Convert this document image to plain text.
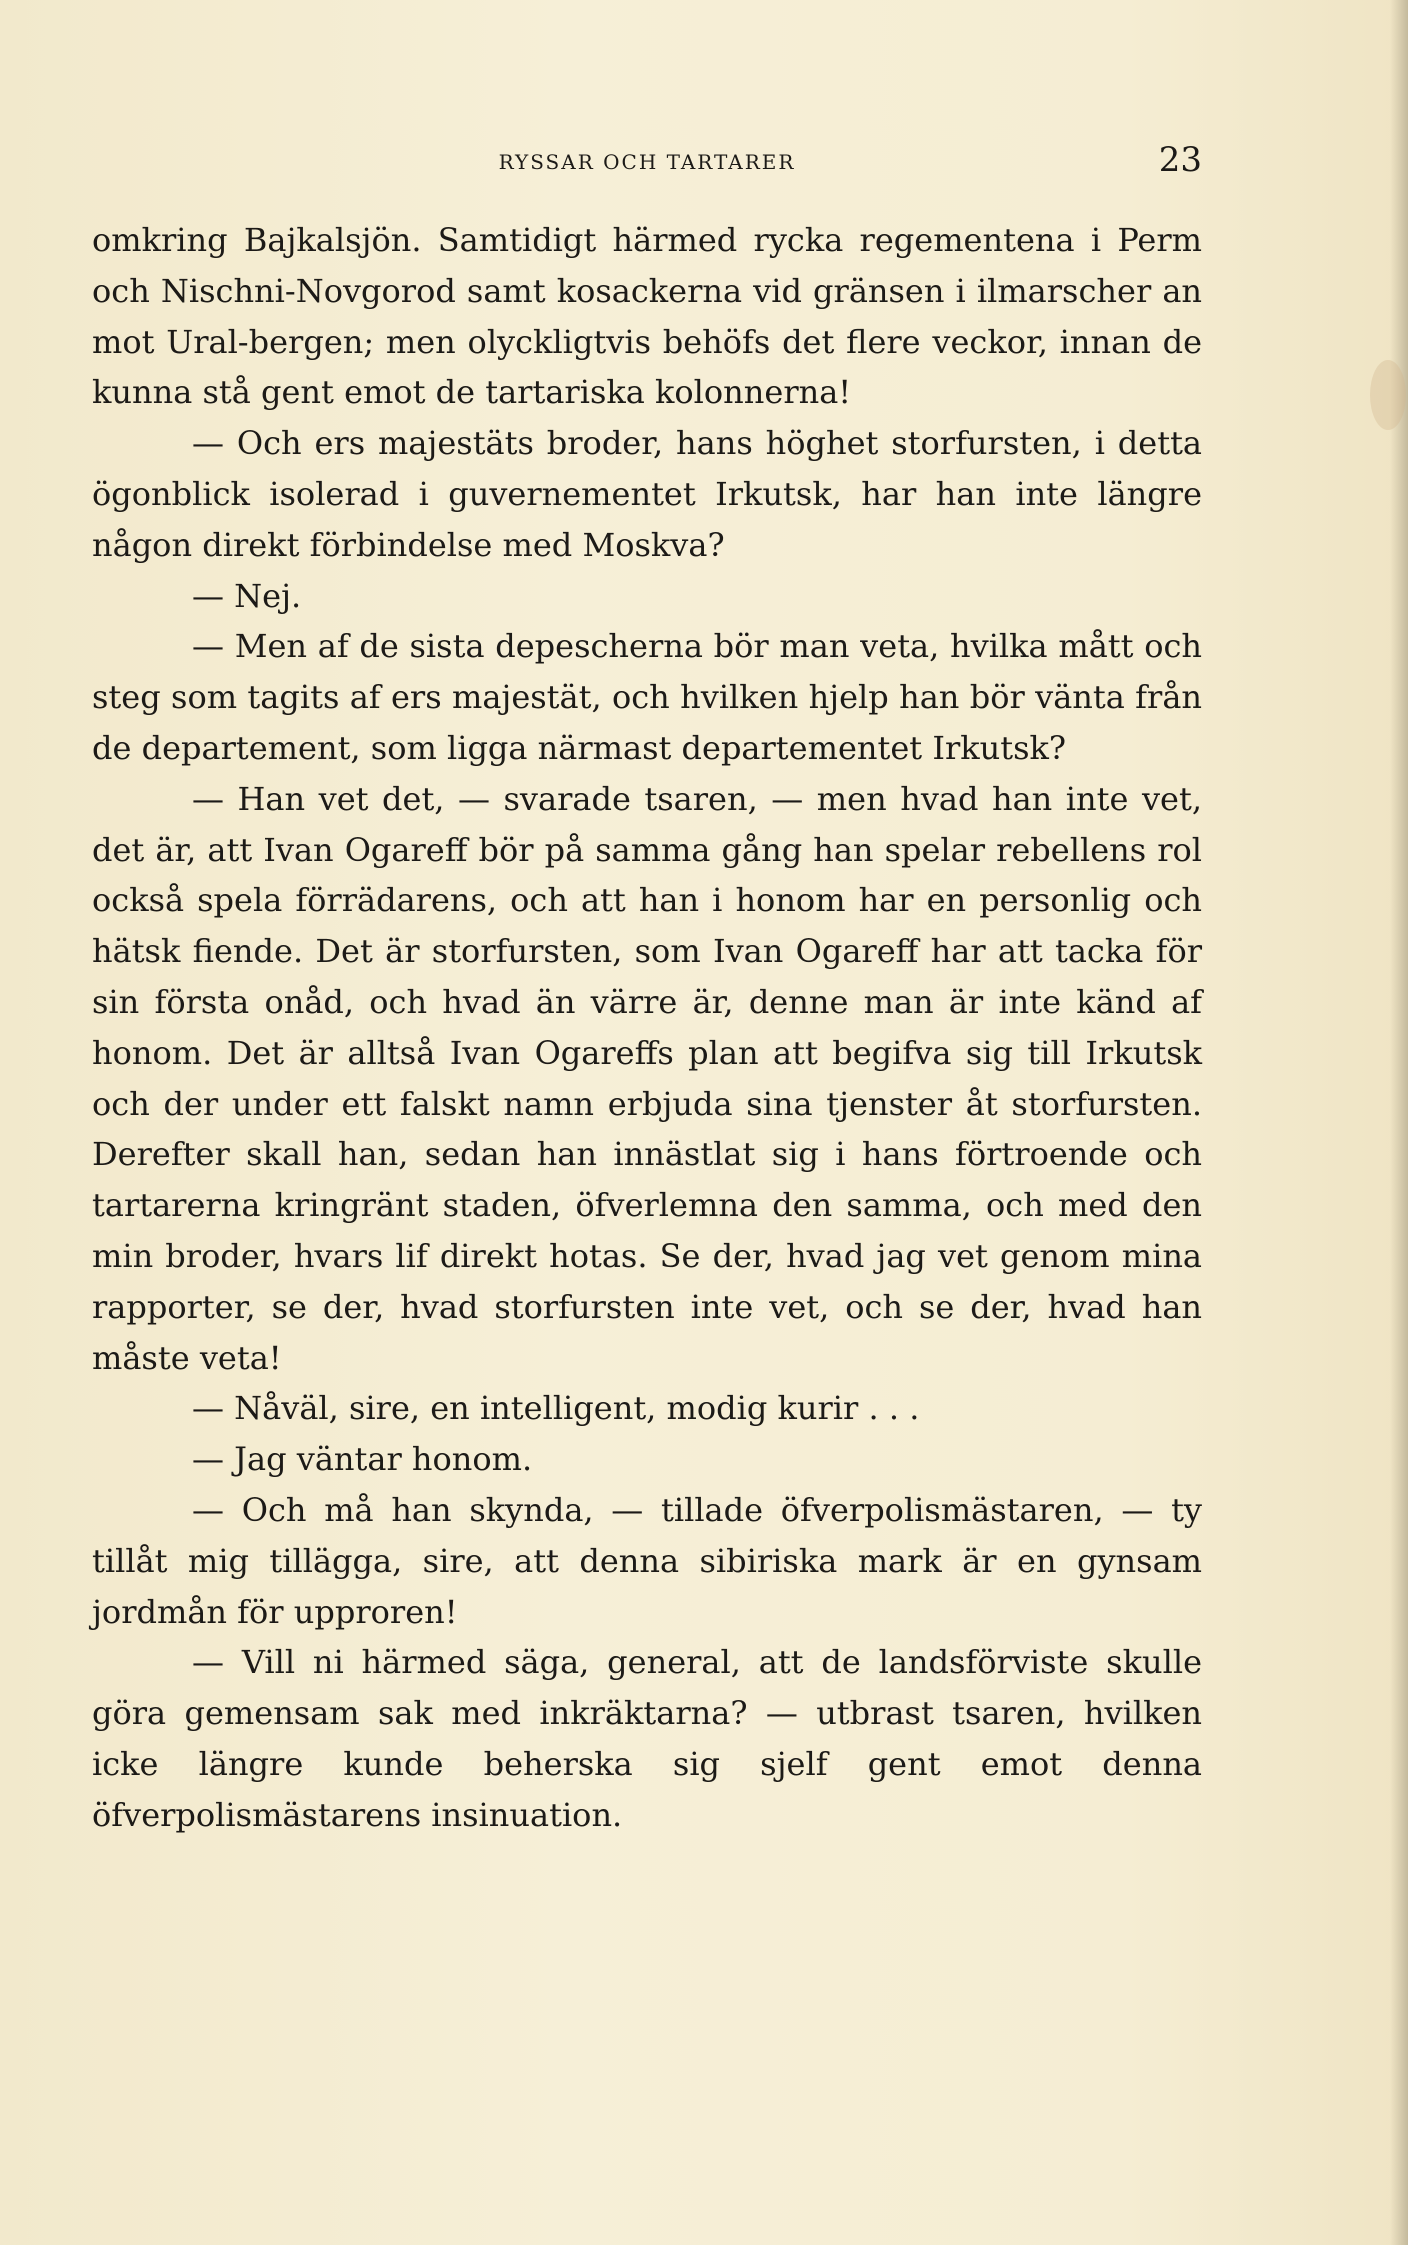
RYSSAR OCH TARTARER	23

omkring Bajkalsjön. Samtidigt härmed rycka regementena i Perm och Nischni-Novgorod samt kosackerna vid gränsen i ilmarscher an mot Ural-bergen; men olyckligtvis behöfs det flere veckor, innan de kunna stå gent emot de tartariska kolonnerna!

— Och ers majestäts broder, hans höghet storfursten, i detta ögonblick isolerad i guvernementet Irkutsk, har han inte längre någon direkt förbindelse med Moskva?

— Nej.

— Men af de sista depescherna bör man veta, hvilka mått och steg som tagits af ers majestät, och hvilken hjelp han bör vänta från de departement, som ligga närmast departementet Irkutsk?

— Han vet det, — svarade tsaren, — men hvad han inte vet, det är, att Ivan Ogareff bör på samma gång han spelar rebellens rol också spela förrädarens, och att han i honom har en personlig och hätsk fiende. Det är storfursten, som Ivan Ogareff har att tacka för sin första onåd, och hvad än värre är, denne man är inte känd af honom. Det är alltså Ivan Ogareffs plan att begifva sig till Irkutsk och der under ett falskt namn erbjuda sina tjenster åt storfursten. Derefter skall han, sedan han innästlat sig i hans förtroende och tartarerna kringränt staden, öfverlemna den samma, och med den min broder, hvars lif direkt hotas. Se der, hvad jag vet genom mina rapporter, se der, hvad storfursten inte vet, och se der, hvad han måste veta!

— Nåväl, sire, en intelligent, modig kurir . . .

— Jag väntar honom.

— Och må han skynda, — tillade öfverpolismästaren, — ty tillåt mig tillägga, sire, att denna sibiriska mark är en gynsam jordmån för upproren!

— Vill ni härmed säga, general, att de landsförviste skulle göra gemensam sak med inkräktarna? — utbrast tsaren, hvilken icke längre kunde beherska sig sjelf gent emot denna öfverpolismästarens insinuation.
